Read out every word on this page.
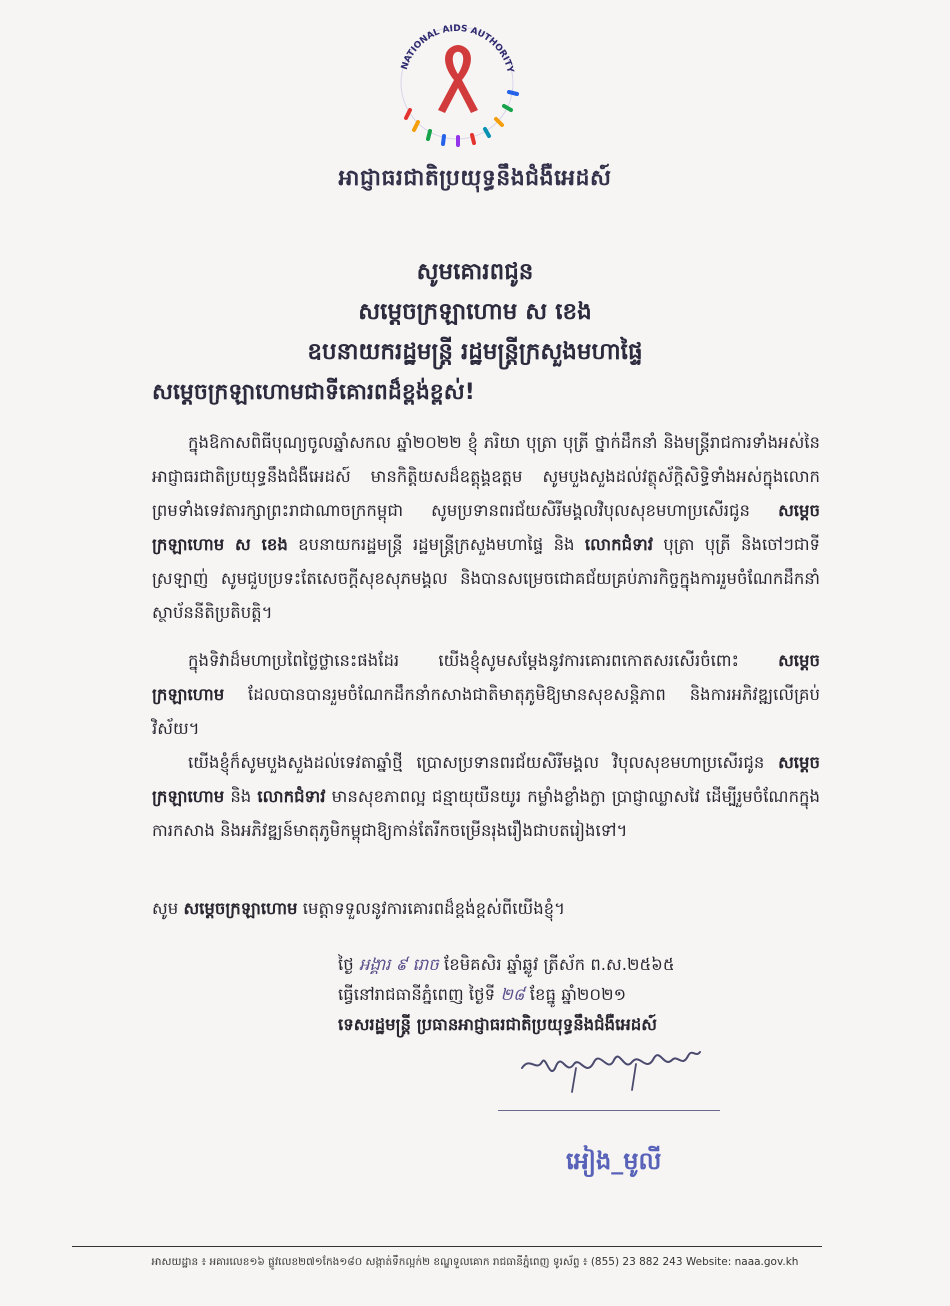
NATIONAL AIDS AUTHORITY
អាជ្ញាធរជាតិប្រយុទ្ធនឹងជំងឺអេដស៍
សូមគោរពជូន
សម្តេចក្រឡាហោម ស ខេង
ឧបនាយករដ្ឋមន្ត្រី រដ្ឋមន្ត្រីក្រសួងមហាផ្ទៃ
សម្តេចក្រឡាហោមជាទីគោរពដ៏ខ្ពង់ខ្ពស់!
ក្នុងឱកាសពិធីបុណ្យចូលឆ្នាំសកល ឆ្នាំ២០២២ ខ្ញុំ ភរិយា បុត្រា បុត្រី ថ្នាក់ដឹកនាំ និងមន្ត្រីរាជការទាំងអស់នៃអាជ្ញាធរជាតិប្រយុទ្ធនឹងជំងឺអេដស៍ មានកិត្តិយសដ៏ឧត្តុង្គឧត្តម សូមបួងសួងដល់វត្ថុស័ក្តិសិទ្ធិទាំងអស់ក្នុងលោក ព្រមទាំងទេវតារក្សាព្រះរាជាណាចក្រកម្ពុជា សូមប្រទានពរជ័យសិរីមង្គលវិបុលសុខមហាប្រសើរជូន សម្តេចក្រឡាហោម ស ខេង ឧបនាយករដ្ឋមន្ត្រី រដ្ឋមន្ត្រីក្រសួងមហាផ្ទៃ និង លោកជំទាវ បុត្រា បុត្រី និងចៅៗជាទីស្រឡាញ់ សូមជួបប្រទះតែសេចក្តីសុខសុភមង្គល និងបានសម្រេចជោគជ័យគ្រប់ភារកិច្ចក្នុងការរួមចំណែកដឹកនាំស្ថាប័ននីតិប្រតិបត្តិ។
ក្នុងទិវាដ៏មហាប្រពៃថ្លៃថ្លានេះផងដែរ យើងខ្ញុំសូមសម្តែងនូវការគោរពកោតសរសើរចំពោះ សម្តេចក្រឡាហោម ដែលបានបានរួមចំណែកដឹកនាំកសាងជាតិមាតុភូមិឱ្យមានសុខសន្តិភាព និងការអភិវឌ្ឍលើគ្រប់វិស័យ។
យើងខ្ញុំក៏សូមបួងសួងដល់ទេវតាឆ្នាំថ្មី ប្រោសប្រទានពរជ័យសិរីមង្គល វិបុលសុខមហាប្រសើរជូន សម្តេចក្រឡាហោម និង លោកជំទាវ មានសុខភាពល្អ ជន្មាយុយឺនយូរ កម្លាំងខ្លាំងក្លា ប្រាជ្ញាឈ្លាសវៃ ដើម្បីរួមចំណែកក្នុងការកសាង និងអភិវឌ្ឍន៍មាតុភូមិកម្ពុជាឱ្យកាន់តែរីកចម្រើនរុងរឿងជាបតរៀងទៅ។
សូម សម្តេចក្រឡាហោម មេត្តាទទួលនូវការគោរពដ៏ខ្ពង់ខ្ពស់ពីយើងខ្ញុំ។
ថ្ងៃ អង្គារ ៩ រោច ខែមិគសិរ ឆ្នាំឆ្លូវ ត្រីស័ក ព.ស.២៥៦៥
ធ្វើនៅរាជធានីភ្នំពេញ ថ្ងៃទី ២៨ ខែធ្នូ ឆ្នាំ២០២១
ទេសរដ្ឋមន្ត្រី ប្រធានអាជ្ញាធរជាតិប្រយុទ្ធនឹងជំងឺអេដស៍
អៀង_មូលី
អាសយដ្ឋាន ៖ អគារលេខ១៦ ផ្លូវលេខ២៧១កែង១៨០ សង្កាត់ទឹកល្អក់២ ខណ្ឌទួលគោក រាជធានីភ្នំពេញ ទូរស័ព្ទ ៖ (855) 23 882 243 Website: naaa.gov.kh
